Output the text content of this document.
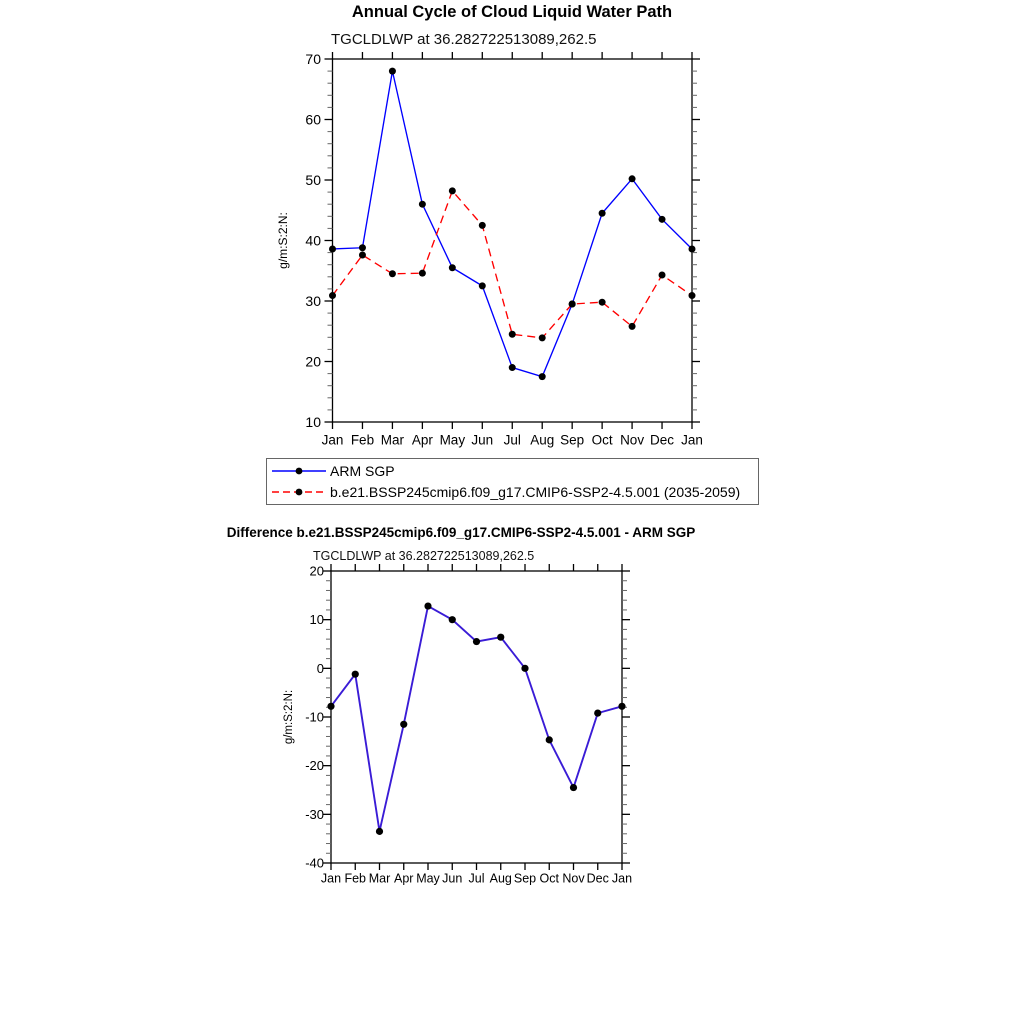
Annual Cycle of Cloud Liquid Water Path
TGCLDLWP at 36.282722513089,262.5
10
20
30
40
50
60
70
Jan Feb Mar Apr May Jun Jul Aug Sep Oct Nov Dec Jan
g/m:S:2:N:
-40
-30
-20
-10
0
10
20
Jan Feb Mar Apr May Jun Jul Aug Sep Oct Nov Dec Jan
g/m:S:2:N:
ARM SGP
b.e21.BSSP245cmip6.f09_g17.CMIP6-SSP2-4.5.001 (2035-2059)
Difference b.e21.BSSP245cmip6.f09_g17.CMIP6-SSP2-4.5.001 - ARM SGP
TGCLDLWP at 36.282722513089,262.5
